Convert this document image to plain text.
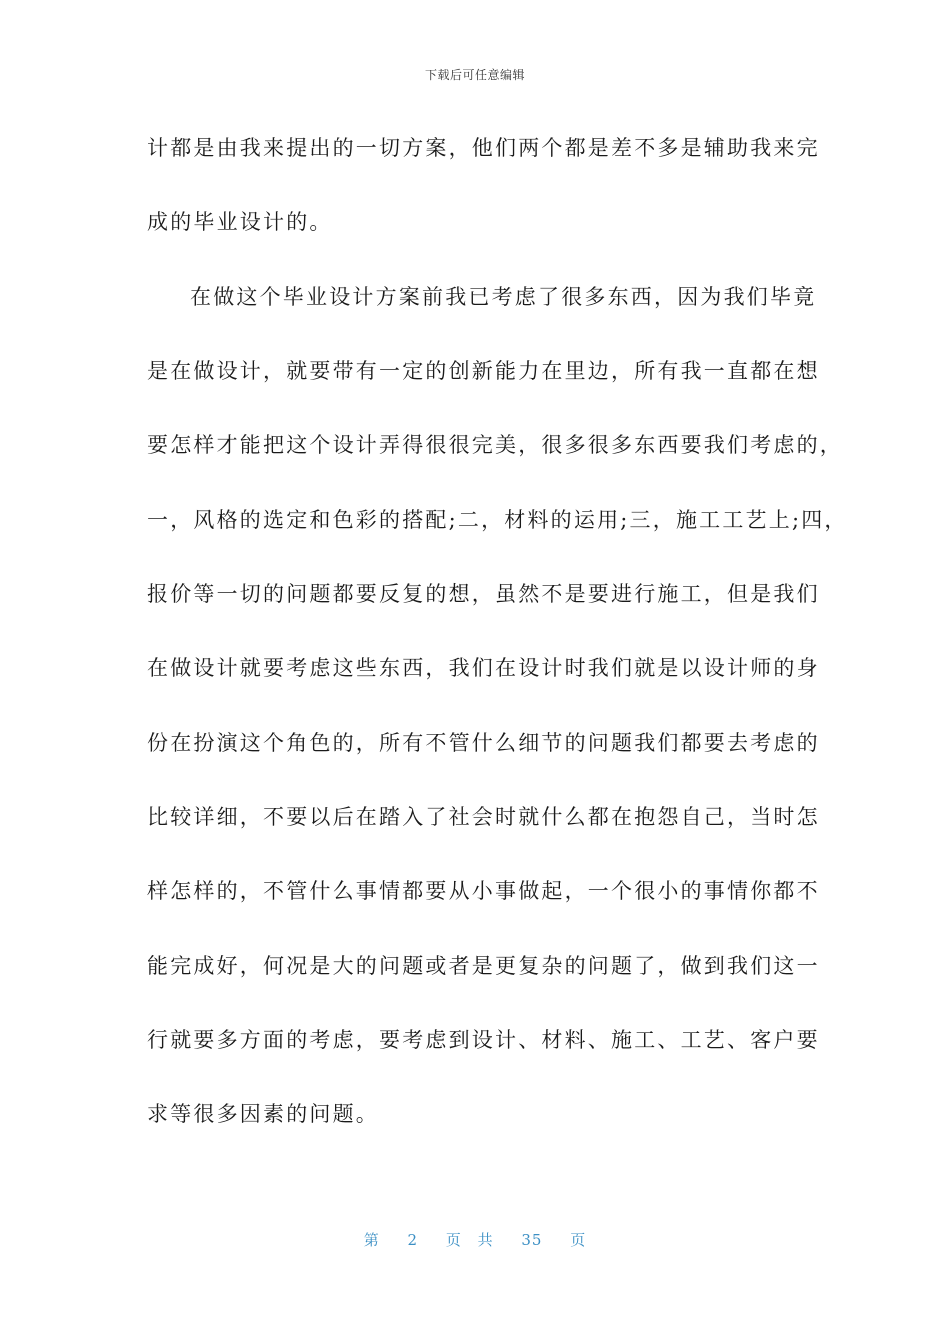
下载后可任意编辑
计都是由我来提出的一切方案，他们两个都是差不多是辅助我来完
成的毕业设计的。
在做这个毕业设计方案前我已考虑了很多东西，因为我们毕竟
是在做设计，就要带有一定的创新能力在里边，所有我一直都在想
要怎样才能把这个设计弄得很很完美，很多很多东西要我们考虑的，
一，风格的选定和色彩的搭配;二，材料的运用;三，施工工艺上;四，
报价等一切的问题都要反复的想，虽然不是要进行施工，但是我们
在做设计就要考虑这些东西，我们在设计时我们就是以设计师的身
份在扮演这个角色的，所有不管什么细节的问题我们都要去考虑的
比较详细，不要以后在踏入了社会时就什么都在抱怨自己，当时怎
样怎样的，不管什么事情都要从小事做起，一个很小的事情你都不
能完成好，何况是大的问题或者是更复杂的问题了，做到我们这一
行就要多方面的考虑，要考虑到设计、材料、施工、工艺、客户要
求等很多因素的问题。
第 2 页 共 35 页
